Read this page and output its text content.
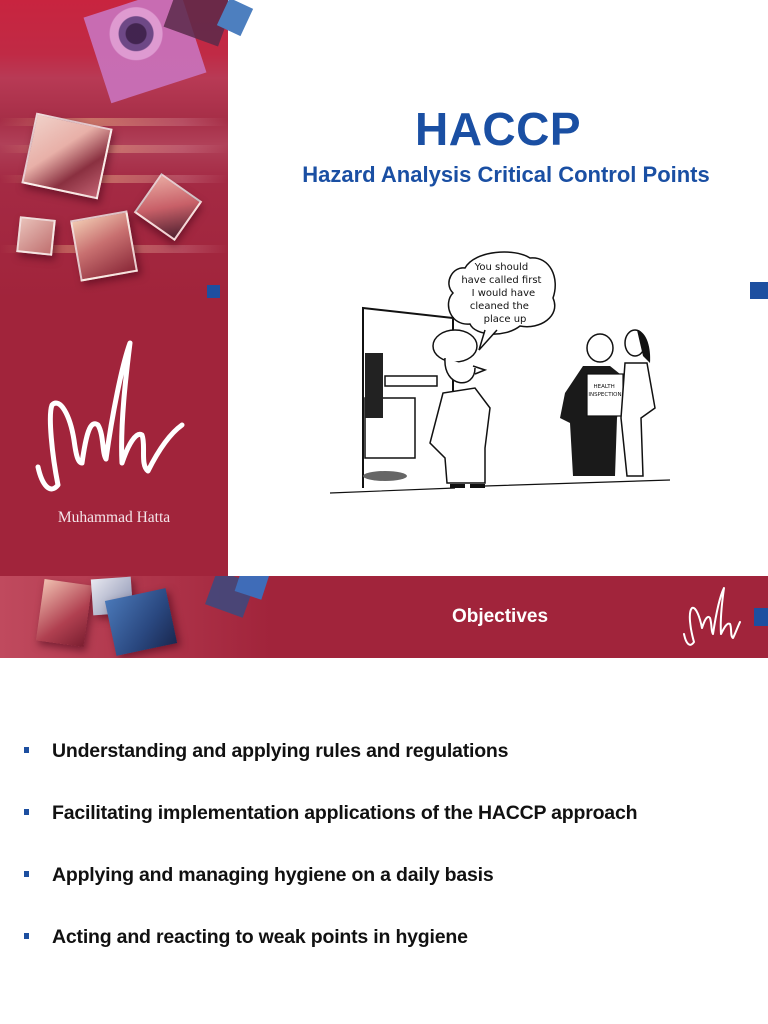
Muhammad Hatta
HACCP
Hazard Analysis Critical Control Points
You should have called first I would have cleaned the place up
HEALTH INSPECTION
Objectives
Understanding and applying rules and regulations
Facilitating implementation applications of the HACCP approach
Applying and managing hygiene on a daily basis
Acting and reacting to weak points in hygiene
